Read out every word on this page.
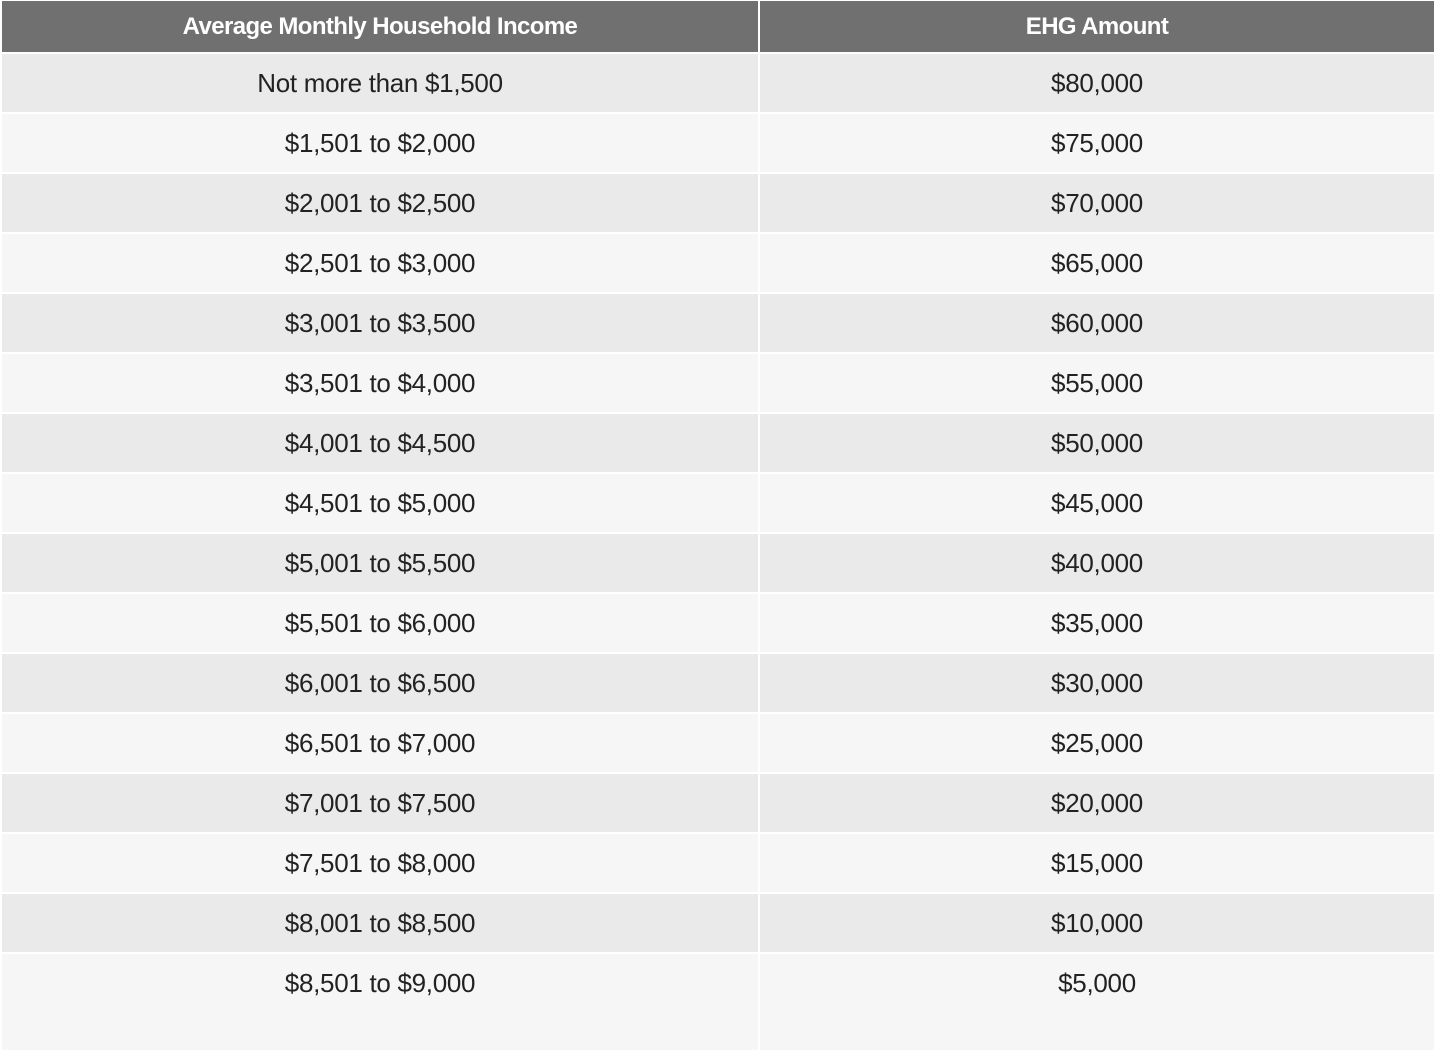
Average Monthly Household Income	EHG Amount
Not more than $1,500	$80,000
$1,501 to $2,000	$75,000
$2,001 to $2,500	$70,000
$2,501 to $3,000	$65,000
$3,001 to $3,500	$60,000
$3,501 to $4,000	$55,000
$4,001 to $4,500	$50,000
$4,501 to $5,000	$45,000
$5,001 to $5,500	$40,000
$5,501 to $6,000	$35,000
$6,001 to $6,500	$30,000
$6,501 to $7,000	$25,000
$7,001 to $7,500	$20,000
$7,501 to $8,000	$15,000
$8,001 to $8,500	$10,000
$8,501 to $9,000	$5,000
